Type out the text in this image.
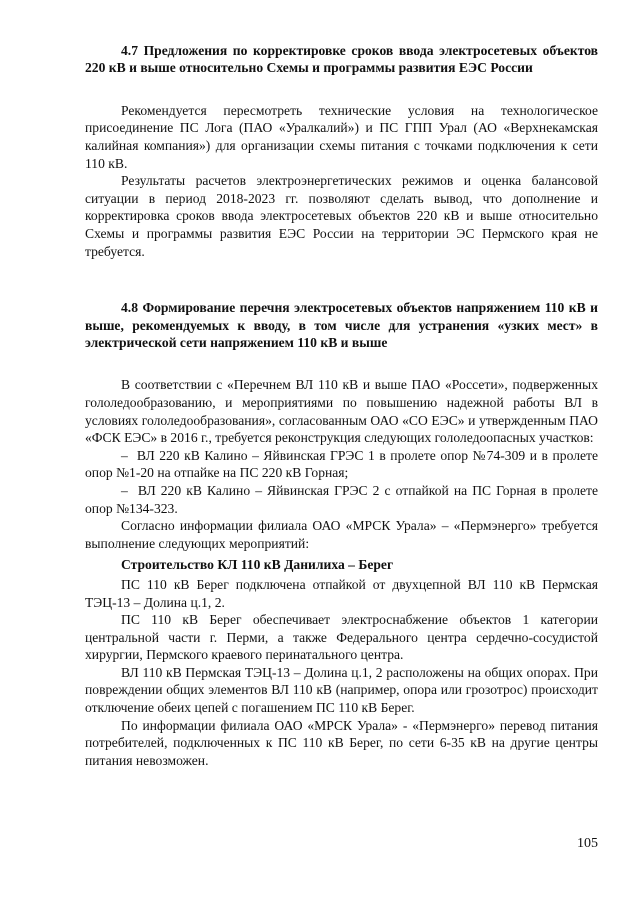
4.7 Предложения по корректировке сроков ввода электросетевых объектов 220 кВ и выше относительно Схемы и программы развития ЕЭС России

Рекомендуется пересмотреть технические условия на технологическое присоединение ПС Лога (ПАО «Уралкалий») и ПС ГПП Урал (АО «Верхнекамская калийная компания») для организации схемы питания с точками подключения к сети 110 кВ.

Результаты расчетов электроэнергетических режимов и оценка балансовой ситуации в период 2018-2023 гг. позволяют сделать вывод, что дополнение и корректировка сроков ввода электросетевых объектов 220 кВ и выше относительно Схемы и программы развития ЕЭС России на территории ЭС Пермского края не требуется.

4.8 Формирование перечня электросетевых объектов напряжением 110 кВ и выше, рекомендуемых к вводу, в том числе для устранения «узких мест» в электрической сети напряжением 110 кВ и выше

В соответствии с «Перечнем ВЛ 110 кВ и выше ПАО «Россети», подверженных гололедообразованию, и мероприятиями по повышению надежной работы ВЛ в условиях гололедообразования», согласованным ОАО «СО ЕЭС» и утвержденным ПАО «ФСК ЕЭС» в 2016 г., требуется реконструкция следующих гололедоопасных участков:

–  ВЛ 220 кВ Калино – Яйвинская ГРЭС 1 в пролете опор №74-309 и в пролете опор №1-20 на отпайке на ПС 220 кВ Горная;

–  ВЛ 220 кВ Калино – Яйвинская ГРЭС 2 с отпайкой на ПС Горная в пролете опор №134-323.

Согласно информации филиала ОАО «МРСК Урала» – «Пермэнерго» требуется выполнение следующих мероприятий:

Строительство КЛ 110 кВ Данилиха – Берег

ПС 110 кВ Берег подключена отпайкой от двухцепной ВЛ 110 кВ Пермская ТЭЦ-13 – Долина ц.1, 2.

ПС 110 кВ Берег обеспечивает электроснабжение объектов 1 категории центральной части г. Перми, а также Федерального центра сердечно-сосудистой хирургии, Пермского краевого перинатального центра.

ВЛ 110 кВ Пермская ТЭЦ-13 – Долина ц.1, 2 расположены на общих опорах. При повреждении общих элементов ВЛ 110 кВ (например, опора или грозотрос) происходит отключение обеих цепей с погашением ПС 110 кВ Берег.

По информации филиала ОАО «МРСК Урала» - «Пермэнерго» перевод питания потребителей, подключенных к ПС 110 кВ Берег, по сети 6-35 кВ на другие центры питания невозможен.

105
